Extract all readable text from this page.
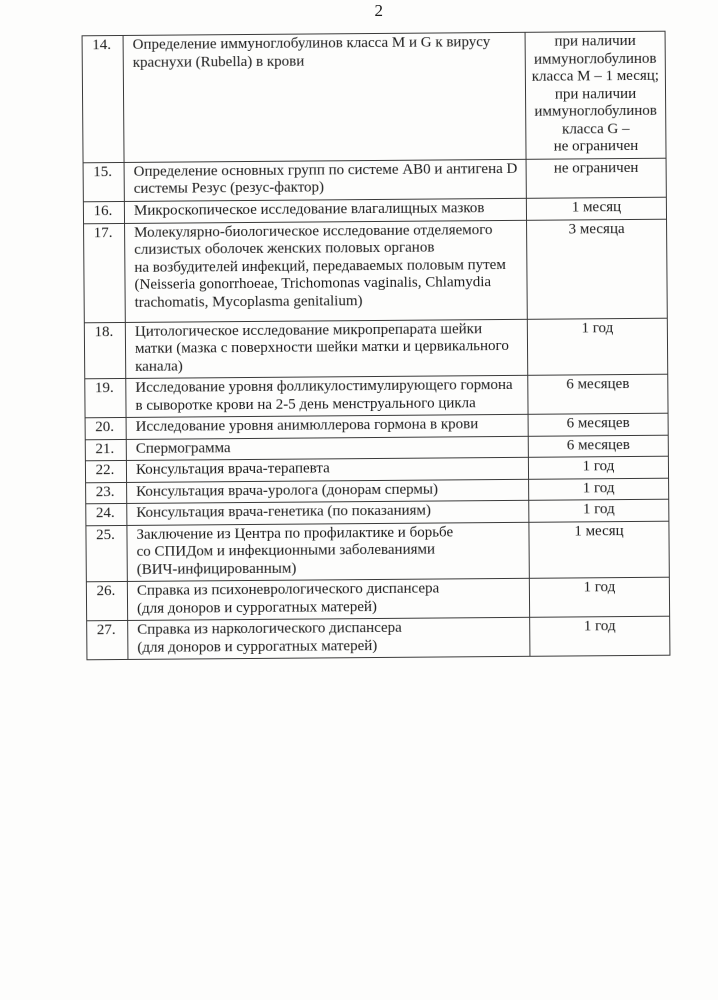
2
14.	Определение иммуноглобулинов класса М и G к вирусу
краснухи (Rubella) в крови	при наличии
иммуноглобулинов
класса М – 1 месяц;
при наличии
иммуноглобулинов
класса G –
не ограничен
15.	Определение основных групп по системе АВ0 и антигена D
системы Резус (резус-фактор)	не ограничен
16.	Микроскопическое исследование влагалищных мазков	1 месяц
17.	Молекулярно-биологическое исследование отделяемого
слизистых оболочек женских половых органов
на возбудителей инфекций, передаваемых половым путем
(Neisseria gonorrhoeae, Trichomonas vaginalis, Chlamydia
trachomatis, Mycoplasma genitalium)	3 месяца
18.	Цитологическое исследование микропрепарата шейки
матки (мазка с поверхности шейки матки и цервикального
канала)	1 год
19.	Исследование уровня фолликулостимулирующего гормона
в сыворотке крови на 2-5 день менструального цикла	6 месяцев
20.	Исследование уровня анимюллерова гормона в крови	6 месяцев
21.	Спермограмма	6 месяцев
22.	Консультация врача-терапевта	1 год
23.	Консультация врача-уролога (донорам спермы)	1 год
24.	Консультация врача-генетика (по показаниям)	1 год
25.	Заключение из Центра по профилактике и борьбе
со СПИДом и инфекционными заболеваниями
(ВИЧ-инфицированным)	1 месяц
26.	Справка из психоневрологического диспансера
(для доноров и суррогатных матерей)	1 год
27.	Справка из наркологического диспансера
(для доноров и суррогатных матерей)	1 год
